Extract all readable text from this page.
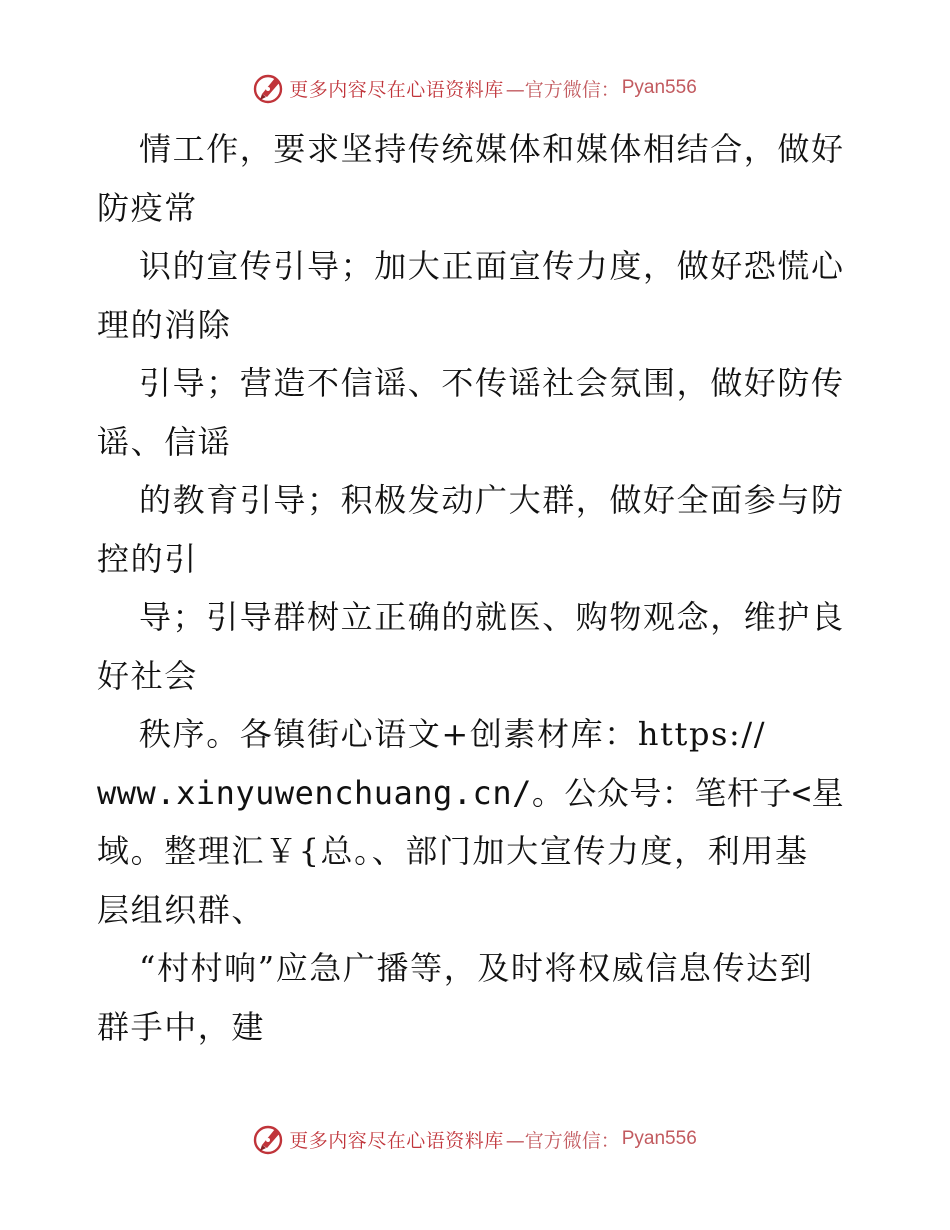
更多内容尽在心语资料库 —官方微信： Pyan556
情工作，要求坚持传统媒体和媒体相结合，做好
防疫常
识的宣传引导；加大正面宣传力度，做好恐慌心
理的消除
引导；营造不信谣、不传谣社会氛围，做好防传
谣、信谣
的教育引导；积极发动广大群，做好全面参与防
控的引
导；引导群树立正确的就医、购物观念，维护良
好社会
秩序。各镇街心语文+创素材库：https://
www.xinyuwenchuang.cn/。公众号：笔杆子<星
域。整理汇￥{总。、部门加大宣传力度，利用基
层组织群、
“村村响”应急广播等，及时将权威信息传达到
群手中，建
更多内容尽在心语资料库 —官方微信： Pyan556
